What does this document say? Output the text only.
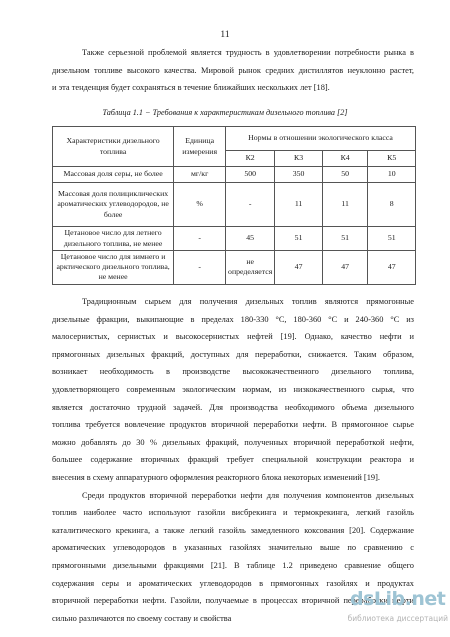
11
Также серьезной проблемой является трудность в удовлетворении потребности рынка в
дизельном топливе высокого качества. Мировой рынок средних дистиллятов неуклонно растет,
и эта тенденция будет сохраняться в течение ближайших нескольких лет [18].
Таблица 1.1 − Требования к характеристикам дизельного топлива [2]
Характеристики дизельного топлива	Единица измерения	Нормы в отношении экологического класса			
		К2	К3	К4	К5
Массовая доля серы, не более	мг/кг	500	350	50	10
Массовая доля полициклических ароматических углеводородов, не более	%	-	11	11	8
Цетановое число для летнего дизельного топлива, не менее	-	45	51	51	51
Цетановое число для зимнего и арктического дизельного топлива, не менее	-	не определяется	47	47	47
Традиционным сырьем для получения дизельных топлив являются прямогонные
дизельные фракции, выкипающие в пределах 180-330 °С, 180-360 °С и 240-360 °С из
малосернистых, сернистых и высокосернистых нефтей [19]. Однако, качество нефти и
прямогонных дизельных фракций, доступных для переработки, снижается. Таким образом,
возникает необходимость в производстве высококачественного дизельного топлива,
удовлетворяющего современным экологическим нормам, из низкокачественного сырья, что
является достаточно трудной задачей. Для производства необходимого объема дизельного
топлива требуется вовлечение продуктов вторичной переработки нефти. В прямогонное сырье
можно добавлять до 30 % дизельных фракций, полученных вторичной переработкой нефти,
большее содержание вторичных фракций требует специальной конструкции реактора и
внесения в схему аппаратурного оформления реакторного блока некоторых изменений [19].
Среди продуктов вторичной переработки нефти для получения компонентов дизельных
топлив наиболее часто используют газойли висбрекинга и термокрекинга, легкий газойль
каталитического крекинга, а также легкий газойль замедленного коксования [20]. Содержание
ароматических углеводородов в указанных газойлях значительно выше по сравнению с
прямогонными дизельными фракциями [21]. В таблице 1.2 приведено сравнение общего
содержания серы и ароматических углеводородов в прямогонных газойлях и продуктах
вторичной переработки нефти. Газойли, получаемые в процессах вторичной переработки нефти
сильно различаются по своему составу и свойства
dsLib.net
библиотека диссертаций
